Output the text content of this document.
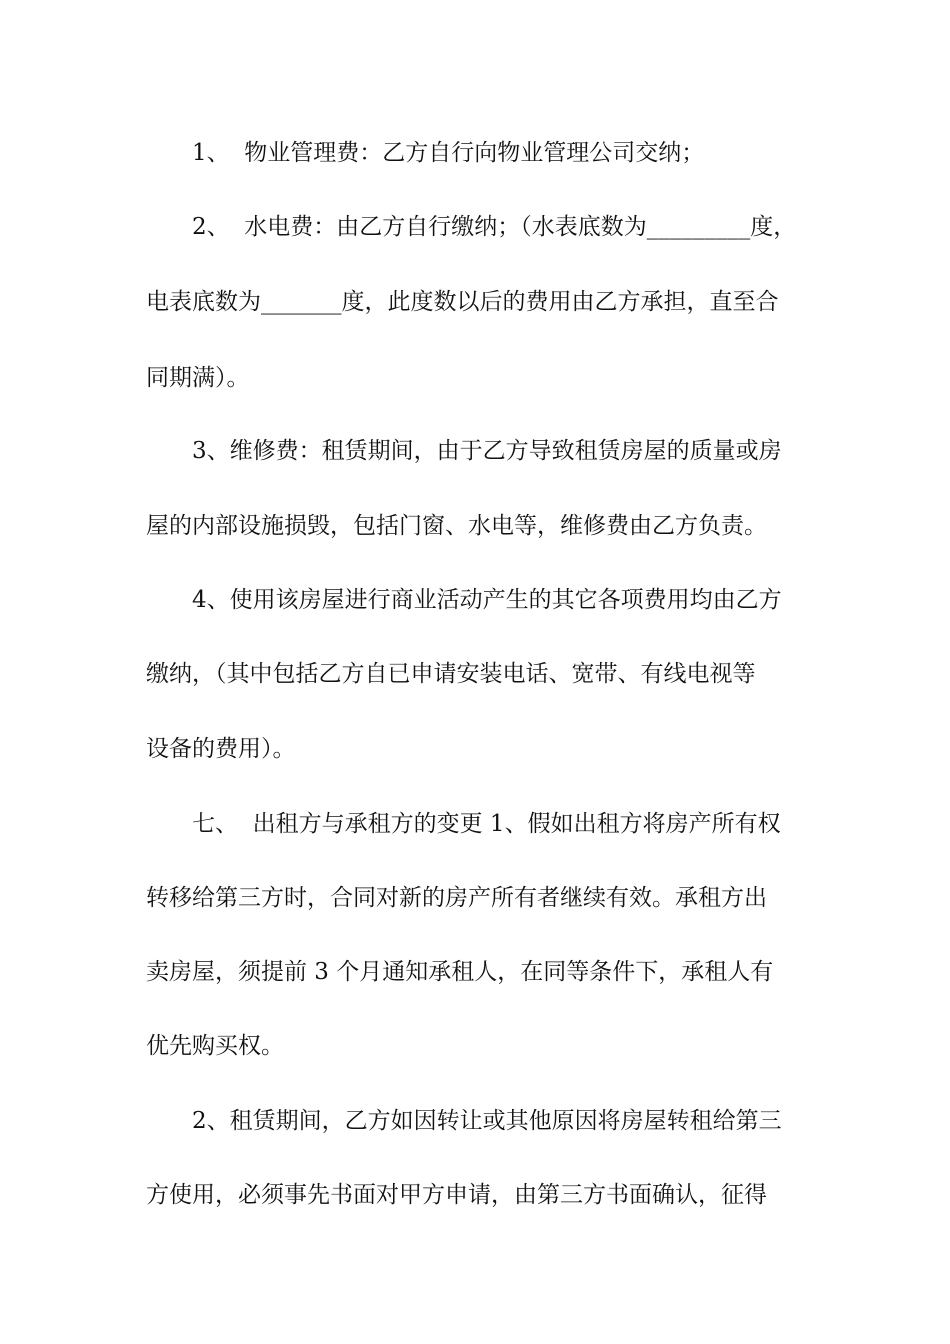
1、  物业管理费：乙方自行向物业管理公司交纳；
2、  水电费：由乙方自行缴纳；（水表底数为_________度，
电表底数为_______度，此度数以后的费用由乙方承担，直至合
同期满）。
3、维修费：租赁期间，由于乙方导致租赁房屋的质量或房
屋的内部设施损毁，包括门窗、水电等，维修费由乙方负责。
4、使用该房屋进行商业活动产生的其它各项费用均由乙方
缴纳，（其中包括乙方自已申请安装电话、宽带、有线电视等
设备的费用）。
七、  出租方与承租方的变更 1、假如出租方将房产所有权
转移给第三方时，合同对新的房产所有者继续有效。承租方出
卖房屋，须提前 3 个月通知承租人，在同等条件下，承租人有
优先购买权。
2、租赁期间，乙方如因转让或其他原因将房屋转租给第三
方使用，必须事先书面对甲方申请，由第三方书面确认，征得
